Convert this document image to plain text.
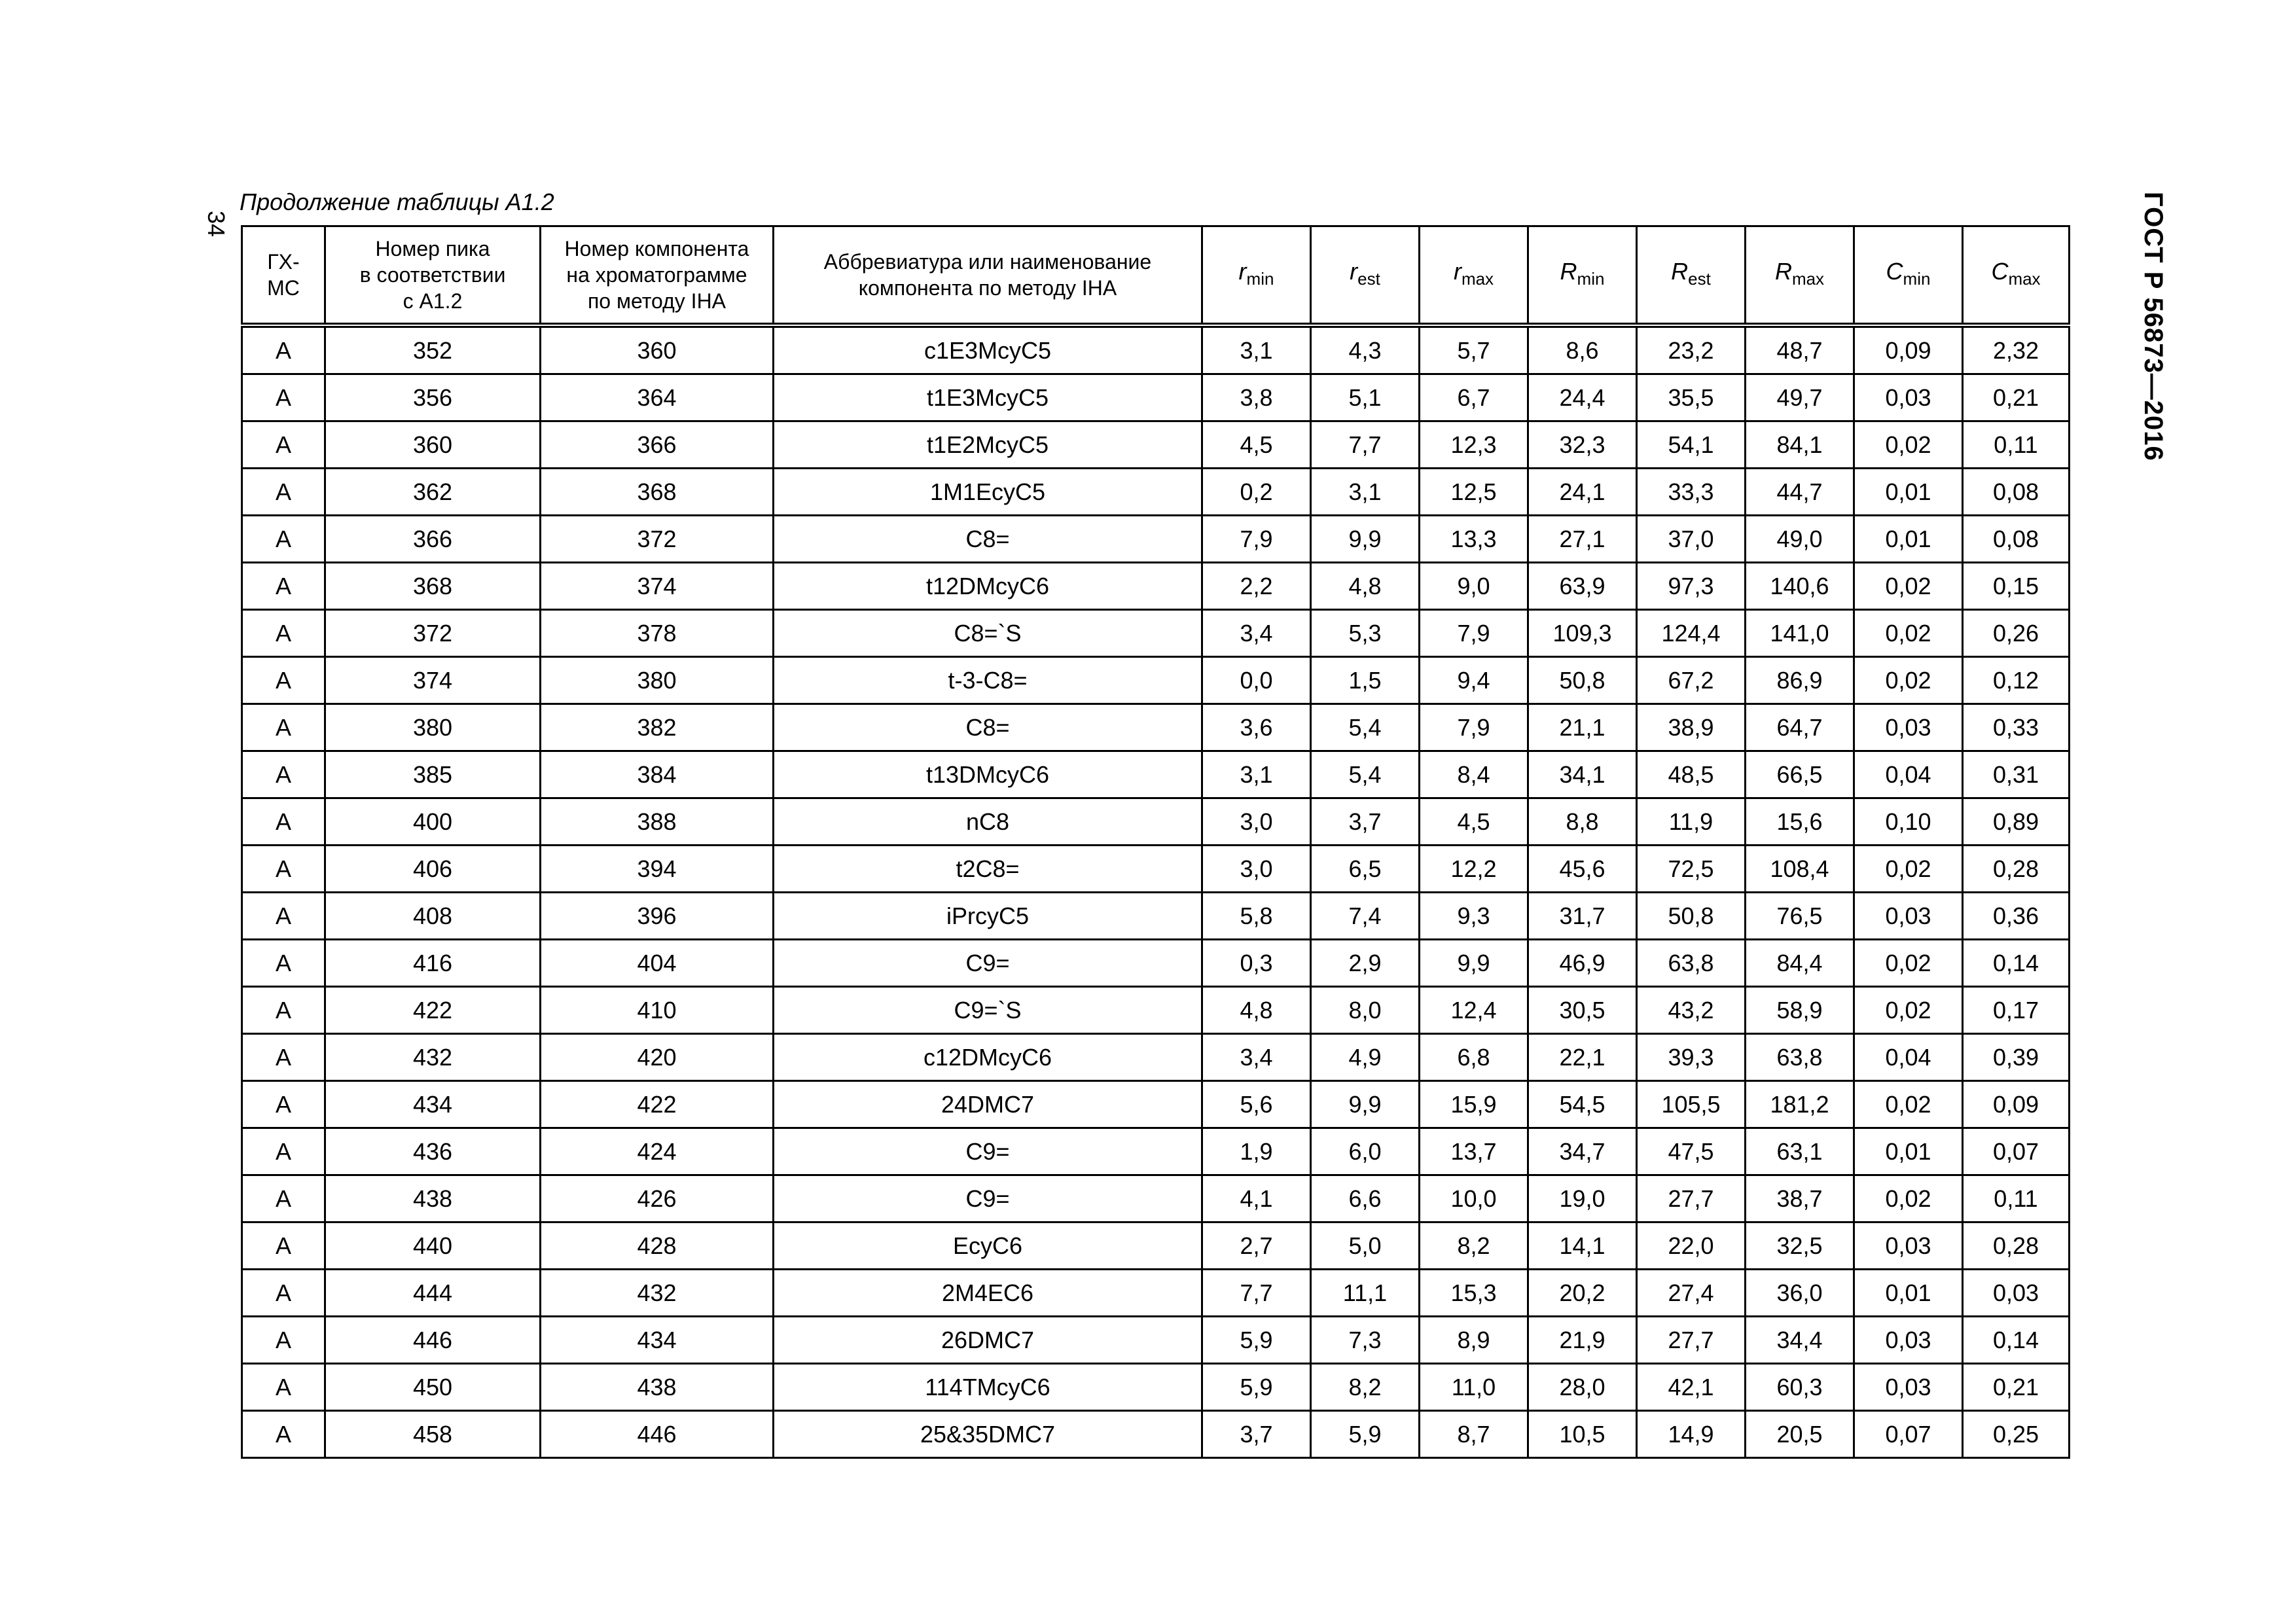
34
Продолжение таблицы А1.2	ГОСТ Р 56873—2016
ГХ-
МС	Номер пика
в соответствии
с А1.2	Номер компонента
на хроматограмме
по методу IHA	Аббревиатура или наименование
компонента по методу IHA	$r_{min}$	$r_{est}$	$r_{max}$	$R_{min}$	$R_{est}$	$R_{max}$	$C_{min}$	$C_{max}$
А	352	360	c1E3McyC5	3,1	4,3	5,7	8,6	23,2	48,7	0,09	2,32
А	356	364	t1E3McyC5	3,8	5,1	6,7	24,4	35,5	49,7	0,03	0,21
А	360	366	t1E2McyC5	4,5	7,7	12,3	32,3	54,1	84,1	0,02	0,11
А	362	368	1M1EcyC5	0,2	3,1	12,5	24,1	33,3	44,7	0,01	0,08
А	366	372	C8=	7,9	9,9	13,3	27,1	37,0	49,0	0,01	0,08
А	368	374	t12DMcyC6	2,2	4,8	9,0	63,9	97,3	140,6	0,02	0,15
А	372	378	C8=`S	3,4	5,3	7,9	109,3	124,4	141,0	0,02	0,26
А	374	380	t-3-C8=	0,0	1,5	9,4	50,8	67,2	86,9	0,02	0,12
А	380	382	C8=	3,6	5,4	7,9	21,1	38,9	64,7	0,03	0,33
А	385	384	t13DMcyC6	3,1	5,4	8,4	34,1	48,5	66,5	0,04	0,31
А	400	388	nC8	3,0	3,7	4,5	8,8	11,9	15,6	0,10	0,89
А	406	394	t2C8=	3,0	6,5	12,2	45,6	72,5	108,4	0,02	0,28
А	408	396	iPrcyC5	5,8	7,4	9,3	31,7	50,8	76,5	0,03	0,36
А	416	404	C9=	0,3	2,9	9,9	46,9	63,8	84,4	0,02	0,14
А	422	410	C9=`S	4,8	8,0	12,4	30,5	43,2	58,9	0,02	0,17
А	432	420	c12DMcyC6	3,4	4,9	6,8	22,1	39,3	63,8	0,04	0,39
А	434	422	24DMC7	5,6	9,9	15,9	54,5	105,5	181,2	0,02	0,09
А	436	424	C9=	1,9	6,0	13,7	34,7	47,5	63,1	0,01	0,07
А	438	426	C9=	4,1	6,6	10,0	19,0	27,7	38,7	0,02	0,11
А	440	428	EcyC6	2,7	5,0	8,2	14,1	22,0	32,5	0,03	0,28
А	444	432	2M4EC6	7,7	11,1	15,3	20,2	27,4	36,0	0,01	0,03
А	446	434	26DMC7	5,9	7,3	8,9	21,9	27,7	34,4	0,03	0,14
А	450	438	114TMcyC6	5,9	8,2	11,0	28,0	42,1	60,3	0,03	0,21
А	458	446	25&35DMC7	3,7	5,9	8,7	10,5	14,9	20,5	0,07	0,25
